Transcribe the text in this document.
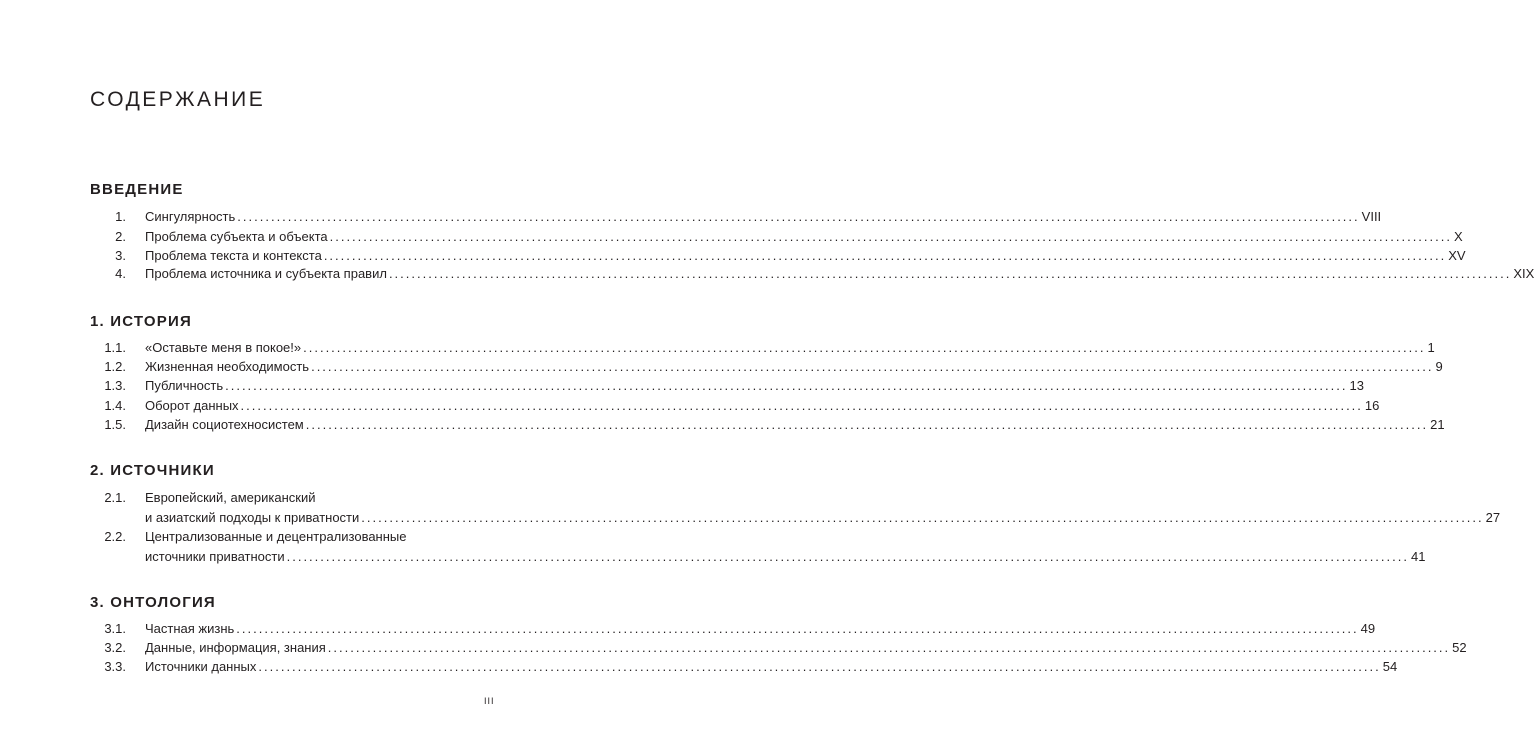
СОДЕРЖАНИЕ
ВВЕДЕНИЕ
1. Сингулярность ........................................................................................................................................................................................................ VIII
2. Проблема субъекта и объекта ........................................................................................................................................................................................................ X
3. Проблема текста и контекста ........................................................................................................................................................................................................ XV
4. Проблема источника и субъекта правил ........................................................................................................................................................................................................ XIX
1. ИСТОРИЯ
1.1. «Оставьте меня в покое!» ........................................................................................................................................................................................................ 1
1.2. Жизненная необходимость ........................................................................................................................................................................................................ 9
1.3. Публичность ........................................................................................................................................................................................................ 13
1.4. Оборот данных ........................................................................................................................................................................................................ 16
1.5. Дизайн социотехносистем ........................................................................................................................................................................................................ 21
2. ИСТОЧНИКИ
2.1. Европейский, американский
и азиатский подходы к приватности ........................................................................................................................................................................................................ 27
2.2. Централизованные и децентрализованные
источники приватности ........................................................................................................................................................................................................ 41
3. ОНТОЛОГИЯ
3.1. Частная жизнь ........................................................................................................................................................................................................ 49
3.2. Данные, информация, знания ........................................................................................................................................................................................................ 52
3.3. Источники данных ........................................................................................................................................................................................................ 54
III
